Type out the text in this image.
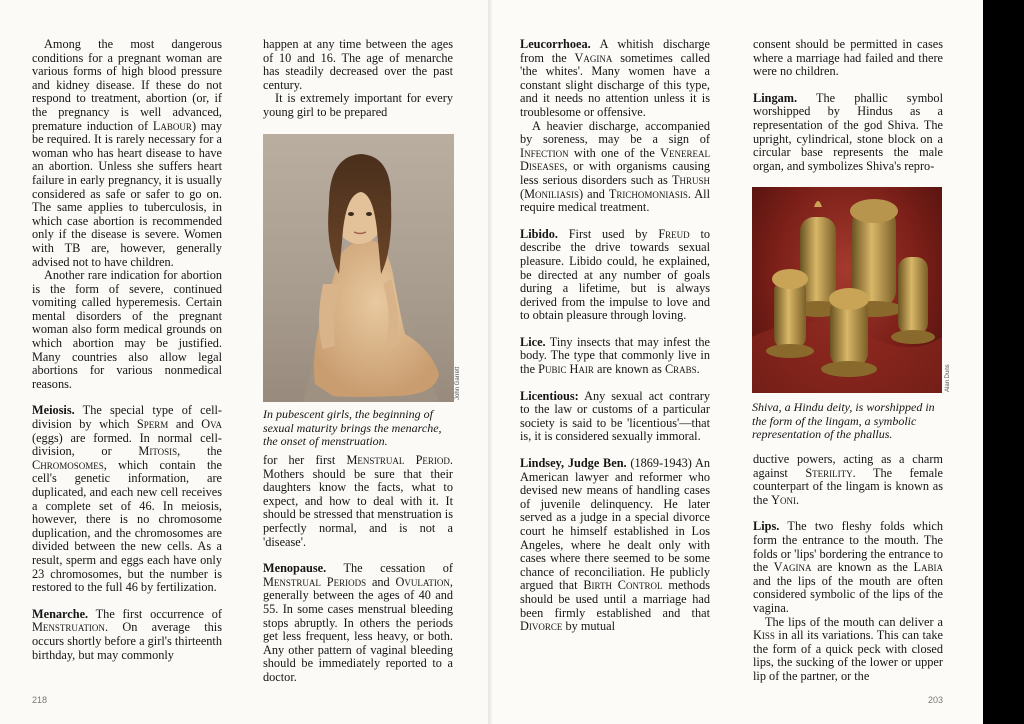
Among the most dangerous conditions for a pregnant woman are various forms of high blood pressure and kidney disease. If these do not respond to treatment, abortion (or, if the pregnancy is well advanced, premature induction of Labour) may be required. It is rarely necessary for a woman who has heart disease to have an abortion. Unless she suffers heart failure in early pregnancy, it is usually considered as safe or safer to go on. The same applies to tuberculosis, in which case abortion is recommended only if the disease is severe. Women with TB are, however, generally advised not to have children.

Another rare indication for abortion is the form of severe, continued vomiting called hyperemesis. Certain mental disorders of the pregnant woman also form medical grounds on which abortion may be justified. Many countries also allow legal abortions for various nonmedical reasons.

Meiosis. The special type of cell-division by which Sperm and Ova (eggs) are formed. In normal cell-division, or Mitosis, the Chromosomes, which contain the cell's genetic information, are duplicated, and each new cell receives a complete set of 46. In meiosis, however, there is no chromosome duplication, and the chromosomes are divided between the new cells. As a result, sperm and eggs each have only 23 chromosomes, but the number is restored to the full 46 by fertilization.

Menarche. The first occurrence of Menstruation. On average this occurs shortly before a girl's thirteenth birthday, but may commonly

happen at any time between the ages of 10 and 16. The age of menarche has steadily decreased over the past century.

It is extremely important for every young girl to be prepared

John Garrett
In pubescent girls, the beginning of sexual maturity brings the menarche, the onset of menstruation.

for her first Menstrual Period. Mothers should be sure that their daughters know the facts, what to expect, and how to deal with it. It should be stressed that menstruation is perfectly normal, and is not a 'disease'.

Menopause. The cessation of Menstrual Periods and Ovulation, generally between the ages of 40 and 55. In some cases menstrual bleeding stops abruptly. In others the periods get less frequent, less heavy, or both. Any other pattern of vaginal bleeding should be immediately reported to a doctor.

218

Leucorrhoea. A whitish discharge from the Vagina sometimes called 'the whites'. Many women have a constant slight discharge of this type, and it needs no attention unless it is troublesome or offensive.

A heavier discharge, accompanied by soreness, may be a sign of Infection with one of the Venereal Diseases, or with organisms causing less serious disorders such as Thrush (Moniliasis) and Trichomoniasis. All require medical treatment.

Libido. First used by Freud to describe the drive towards sexual pleasure. Libido could, he explained, be directed at any number of goals during a lifetime, but is always derived from the impulse to love and to obtain pleasure through loving.

Lice. Tiny insects that may infest the body. The type that commonly live in the Pubic Hair are known as Crabs.

Licentious: Any sexual act contrary to the law or customs of a particular society is said to be 'licentious'—that is, it is considered sexually immoral.

Lindsey, Judge Ben. (1869-1943) An American lawyer and reformer who devised new means of handling cases of juvenile delinquency. He later served as a judge in a special divorce court he himself established in Los Angeles, where he dealt only with cases where there seemed to be some chance of reconciliation. He publicly argued that Birth Control methods should be used until a marriage had been firmly established and that Divorce by mutual

consent should be permitted in cases where a marriage had failed and there were no children.

Lingam. The phallic symbol worshipped by Hindus as a representation of the god Shiva. The upright, cylindrical, stone block on a circular base represents the male organ, and symbolizes Shiva's repro-

Alan Duns
Shiva, a Hindu deity, is worshipped in the form of the lingam, a symbolic representation of the phallus.

ductive powers, acting as a charm against Sterility. The female counterpart of the lingam is known as the Yoni.

Lips. The two fleshy folds which form the entrance to the mouth. The folds or 'lips' bordering the entrance to the Vagina are known as the Labia and the lips of the mouth are often considered symbolic of the lips of the vagina.

The lips of the mouth can deliver a Kiss in all its variations. This can take the form of a quick peck with closed lips, the sucking of the lower or upper lip of the partner, or the

203
